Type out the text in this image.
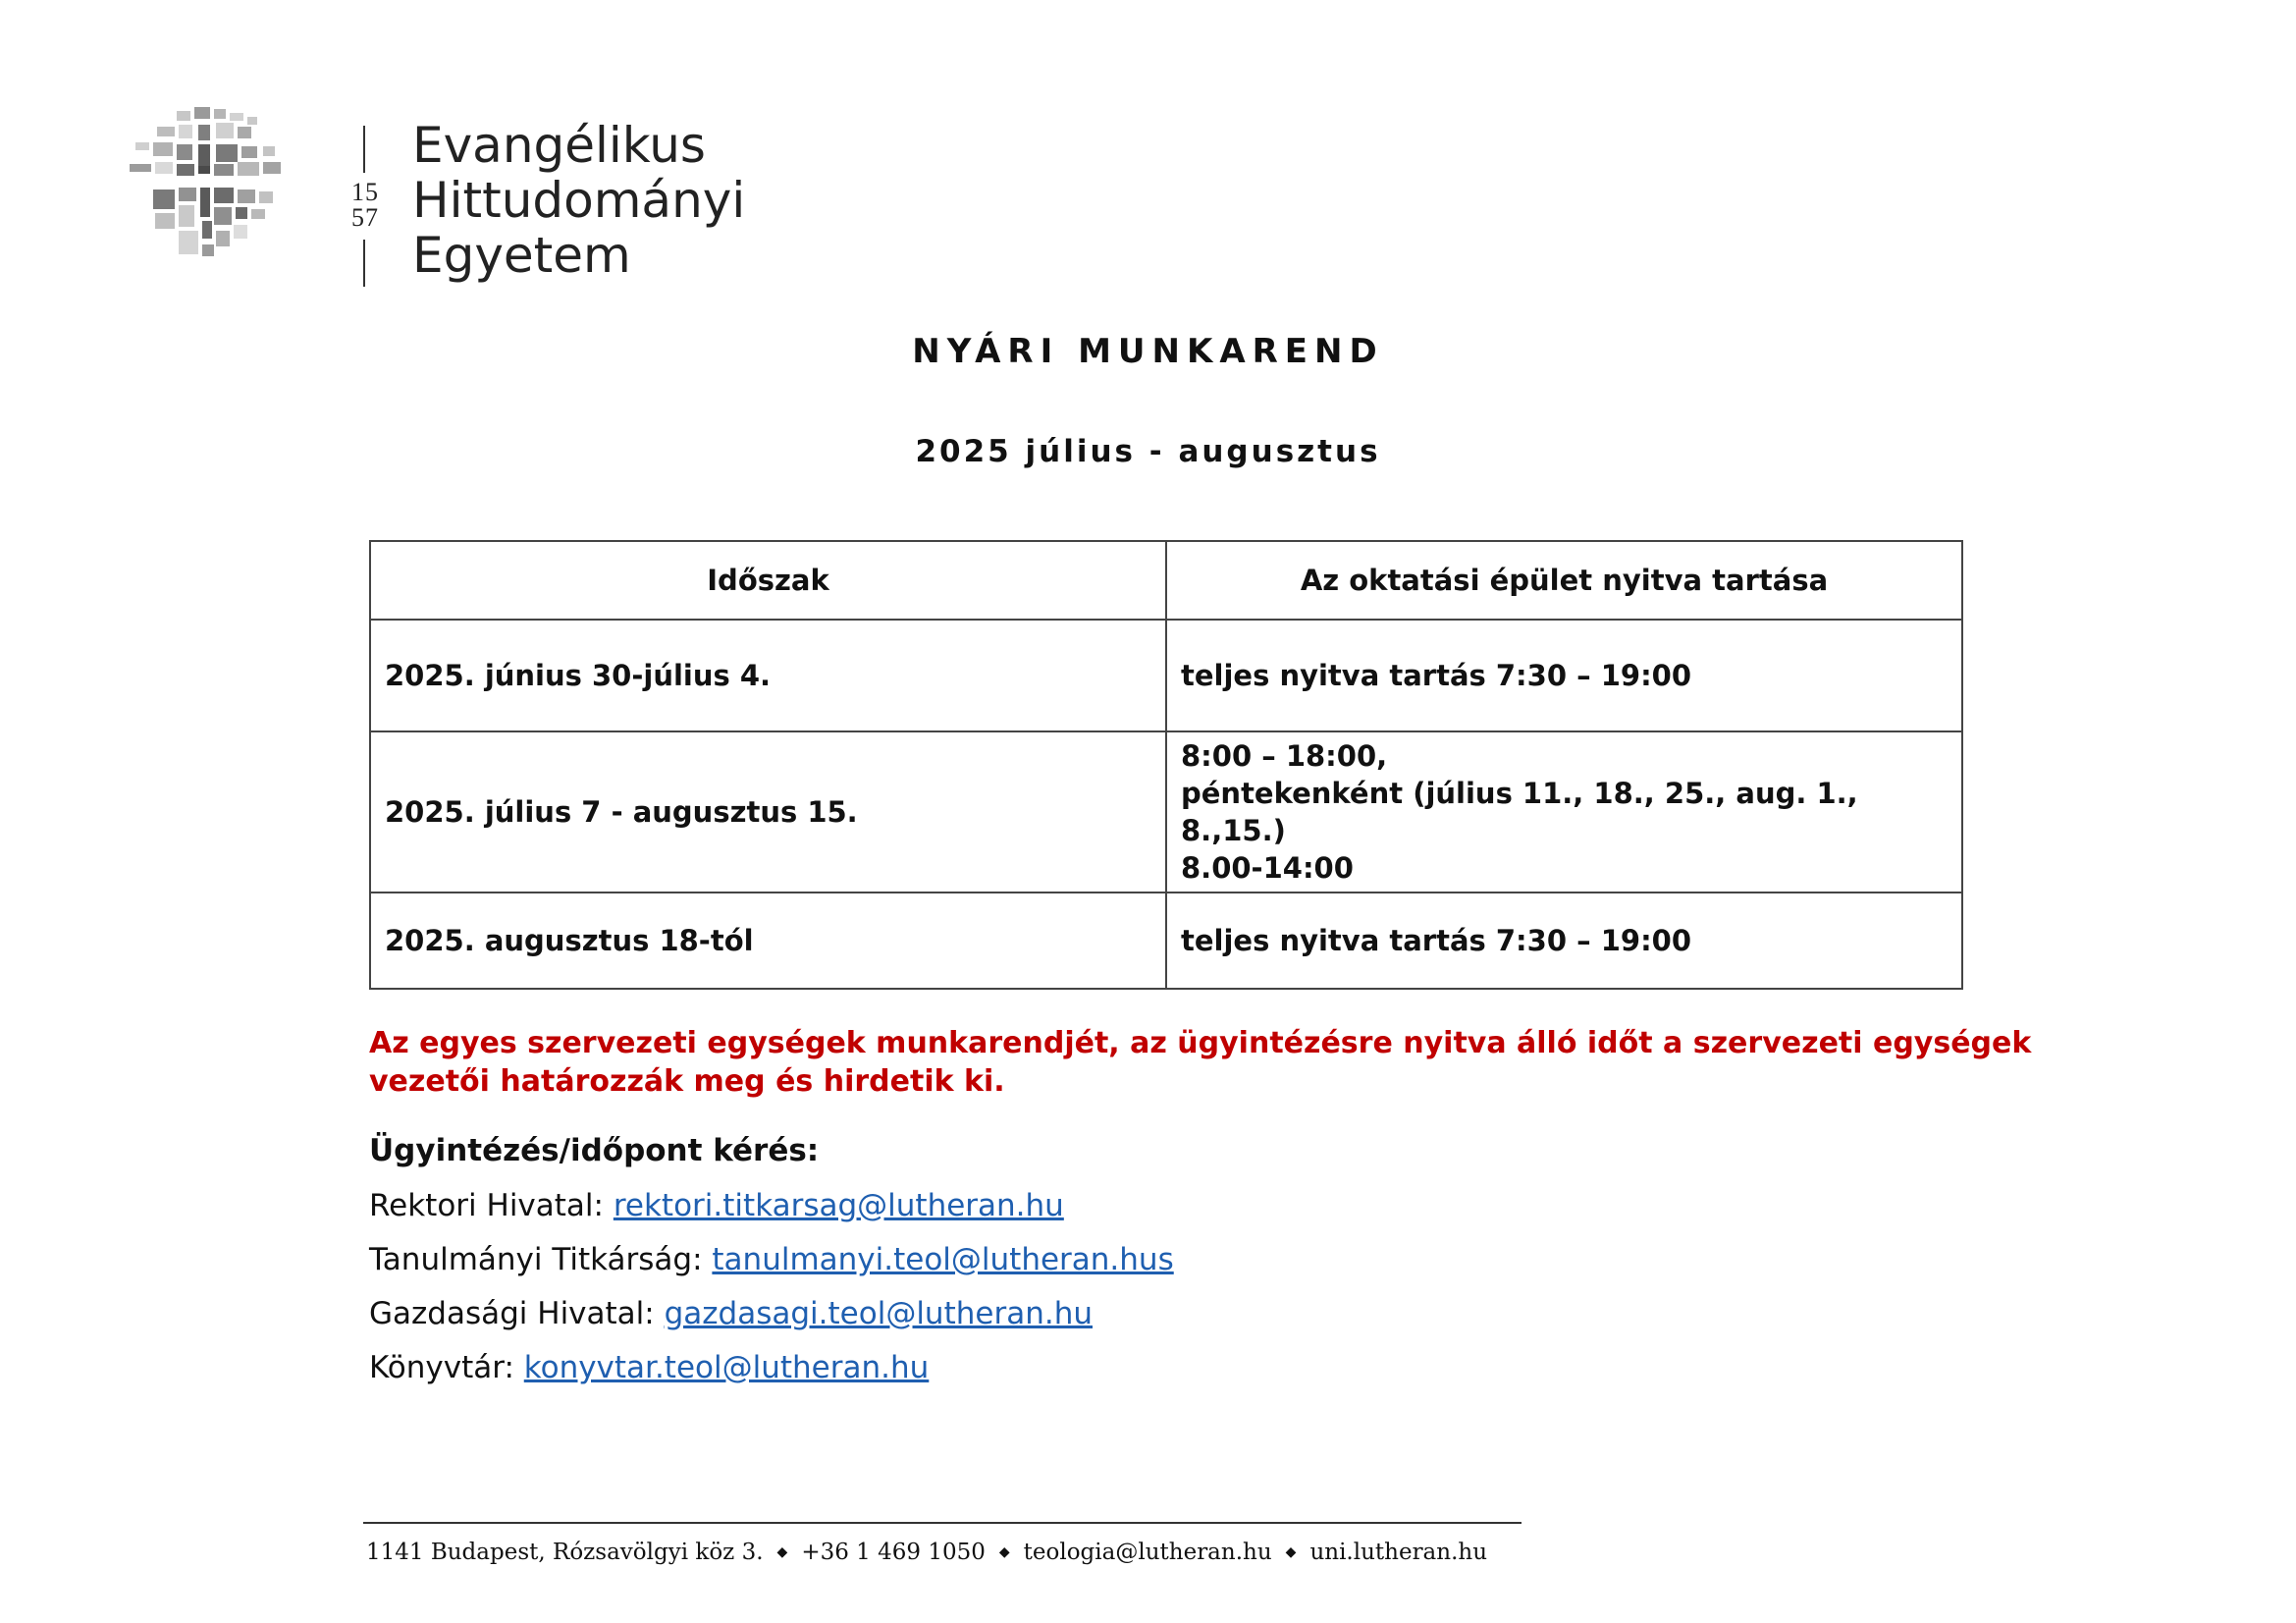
15
57
Evangélikus
Hittudományi
Egyetem
NYÁRI MUNKAREND
2025 július - augusztus
Időszak	Az oktatási épület nyitva tartása
2025. június 30-július 4.	teljes nyitva tartás 7:30 – 19:00

2025. július 7 - augusztus 15.	8:00 – 18:00,
péntekenként (július 11., 18., 25., aug. 1., 8.,15.)
8.00-14:00

2025. augusztus 18-tól	teljes nyitva tartás 7:30 – 19:00
Az egyes szervezeti egységek munkarendjét, az ügyintézésre nyitva álló időt a szervezeti egységek vezetői határozzák meg és hirdetik ki.
Ügyintézés/időpont kérés:
Rektori Hivatal: rektori.titkarsag@lutheran.hu
Tanulmányi Titkárság: tanulmanyi.teol@lutheran.hus
Gazdasági Hivatal: gazdasagi.teol@lutheran.hu
Könyvtár: konyvtar.teol@lutheran.hu
1141 Budapest, Rózsavölgyi köz 3. ◆ +36 1 469 1050 ◆ teologia@lutheran.hu ◆ uni.lutheran.hu
